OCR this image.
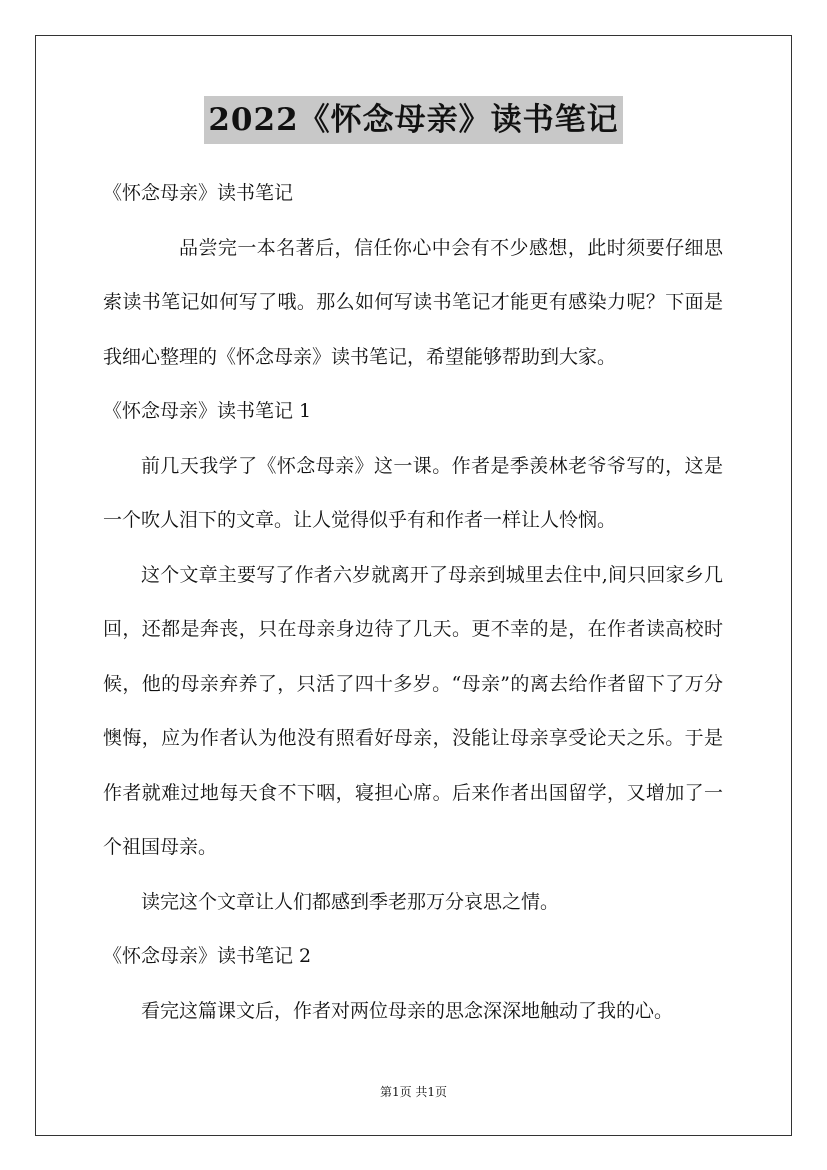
2022《怀念母亲》读书笔记

《怀念母亲》读书笔记

品尝完一本名著后，信任你心中会有不少感想，此时须要仔细思索读书笔记如何写了哦。那么如何写读书笔记才能更有感染力呢？下面是我细心整理的《怀念母亲》读书笔记，希望能够帮助到大家。

《怀念母亲》读书笔记 1

前几天我学了《怀念母亲》这一课。作者是季羡林老爷爷写的，这是一个吹人泪下的文章。让人觉得似乎有和作者一样让人怜悯。

这个文章主要写了作者六岁就离开了母亲到城里去住中,间只回家乡几回，还都是奔丧，只在母亲身边待了几天。更不幸的是，在作者读高校时候，他的母亲弃养了，只活了四十多岁。“母亲”的离去给作者留下了万分懊悔，应为作者认为他没有照看好母亲，没能让母亲享受论天之乐。于是作者就难过地每天食不下咽，寝担心席。后来作者出国留学，又增加了一个祖国母亲。

读完这个文章让人们都感到季老那万分哀思之情。

《怀念母亲》读书笔记 2

看完这篇课文后，作者对两位母亲的思念深深地触动了我的心。

第1页 共1页
